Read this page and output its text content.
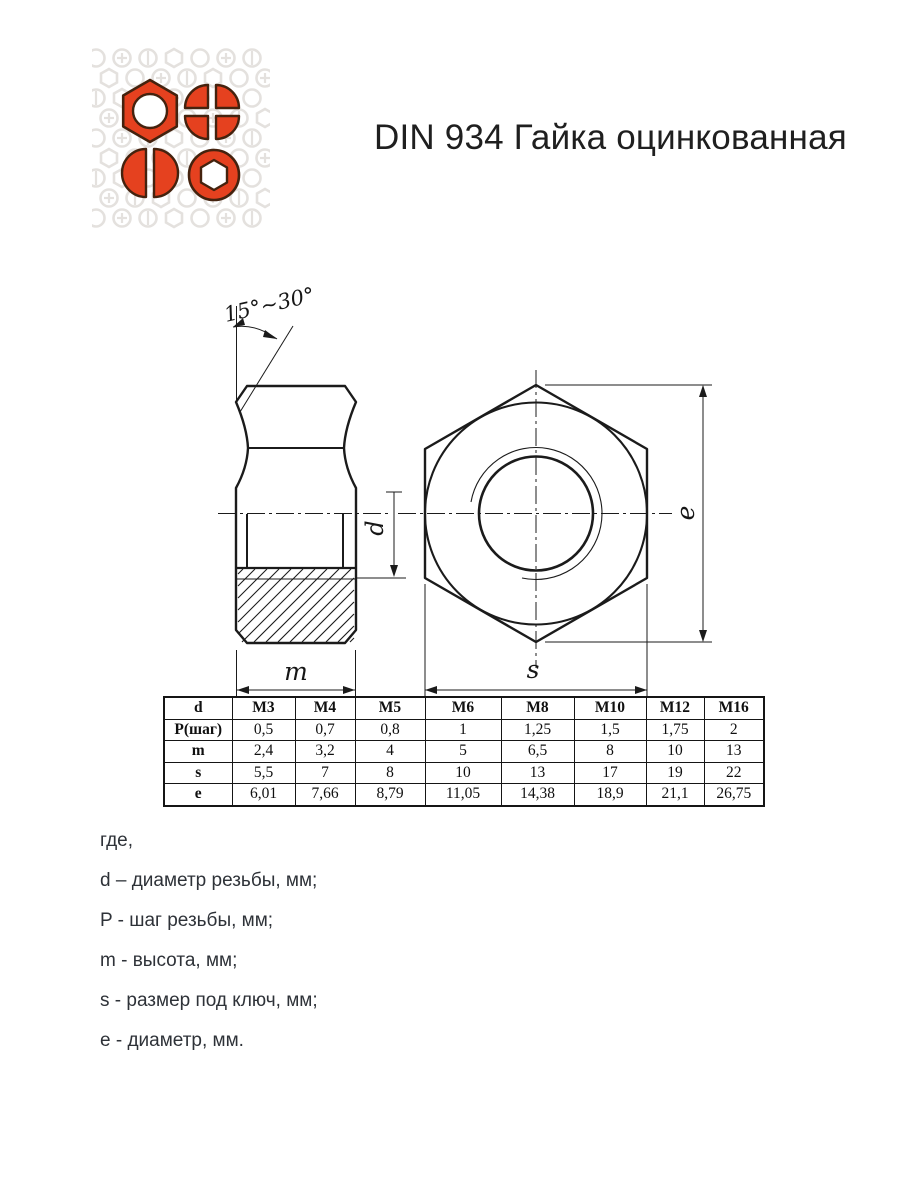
DIN 934 Гайка оцинкованная
15°~30°
d
m	s
e
d	M3	M4	M5	M6	M8	M10	M12	M16
P(шаг)	0,5	0,7	0,8	1	1,25	1,5	1,75	2
m	2,4	3,2	4	5	6,5	8	10	13
s	5,5	7	8	10	13	17	19	22
e	6,01	7,66	8,79	11,05	14,38	18,9	21,1	26,75
где,
d – диаметр резьбы, мм;
P - шаг резьбы, мм;
m - высота, мм;
s - размер под ключ, мм;
e - диаметр, мм.
